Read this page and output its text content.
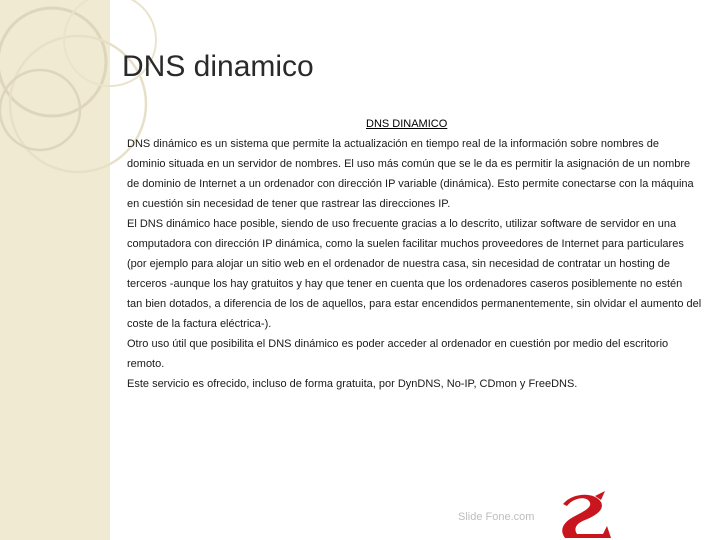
DNS dinamico
DNS DINAMICO

DNS dinámico es un sistema que permite la actualización en tiempo real de la información sobre nombres de

dominio situada en un servidor de nombres. El uso más común que se le da es permitir la asignación de un nombre

de dominio de Internet a un ordenador con dirección IP variable (dinámica). Esto permite conectarse con la máquina

en cuestión sin necesidad de tener que rastrear las direcciones IP.

El DNS dinámico hace posible, siendo de uso frecuente gracias a lo descrito, utilizar software de servidor en una

computadora con dirección IP dinámica, como la suelen facilitar muchos proveedores de Internet para particulares

(por ejemplo para alojar un sitio web en el ordenador de nuestra casa, sin necesidad de contratar un hosting de

terceros -aunque los hay gratuitos y hay que tener en cuenta que los ordenadores caseros posiblemente no estén

tan bien dotados, a diferencia de los de aquellos, para estar encendidos permanentemente, sin olvidar el aumento del

coste de la factura eléctrica-).

Otro uso útil que posibilita el DNS dinámico es poder acceder al ordenador en cuestión por medio del escritorio

remoto.

Este servicio es ofrecido, incluso de forma gratuita, por DynDNS, No-IP, CDmon y FreeDNS.

Slide Fone.com
